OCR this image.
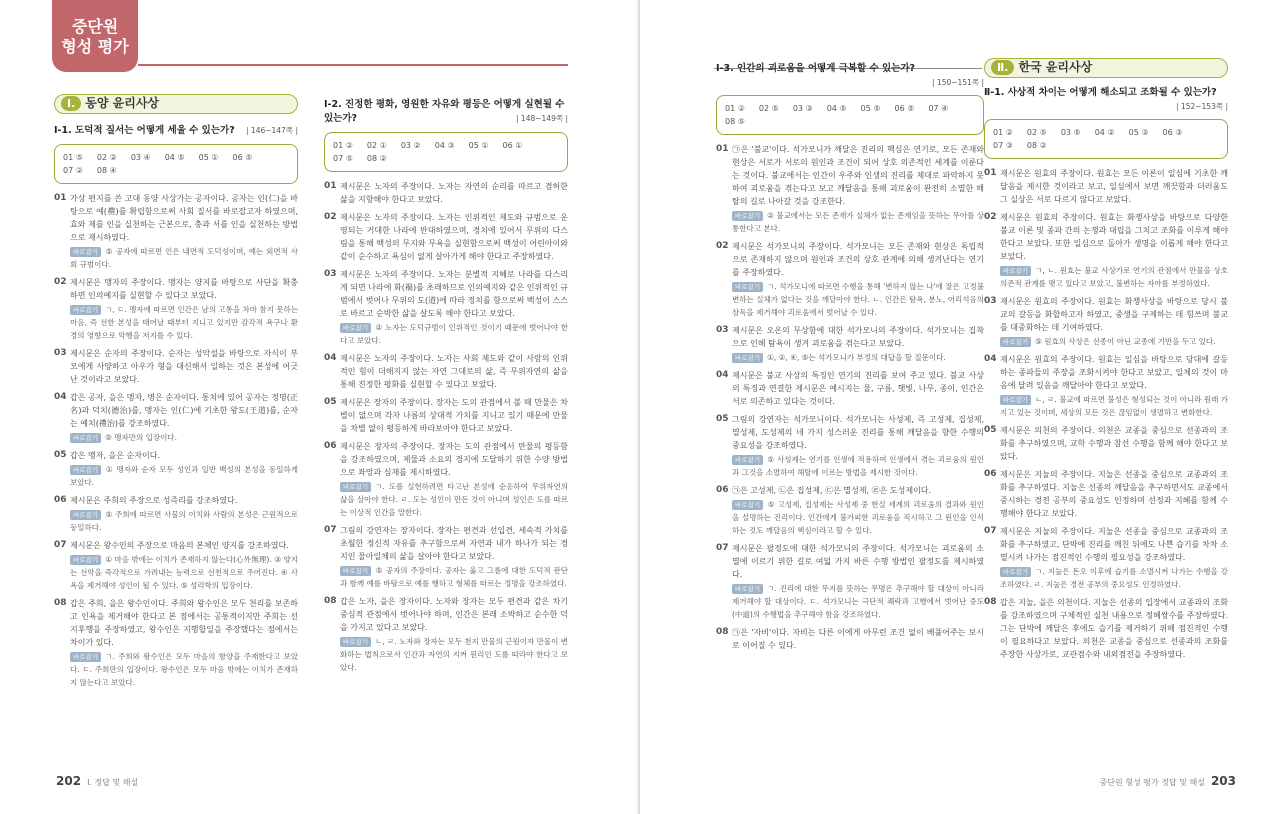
중단원
형성 평가
Ⅰ. 동양 윤리사상
Ⅰ-1. 도덕적 질서는 어떻게 세울 수 있는가? | 146~147쪽 |
01 ⑤ 02 ② 03 ④ 04 ⑤ 05 ① 06 ⑤07 ② 08 ④
01 가상 편지를 쓴 고대 동양 사상가는 공자이다. 공자는 인(仁)을 바탕으로 예(禮)를 확립함으로써 사회 질서를 바로잡고자 하였으며, 효와 제를 인을 실천하는 근본으로, 충과 서를 인을 실천하는 방법으로 제시하였다.
바로잡기 ⑤ 공자에 따르면 인은 내면적 도덕성이며, 예는 외면적 사회 규범이다.
02 제시문은 맹자의 주장이다. 맹자는 양지를 바탕으로 사단을 확충하면 인의예지를 실현할 수 있다고 보았다.
바로잡기 ㄱ, ㄷ. 맹자에 따르면 인간은 남의 고통을 차마 참지 못하는 마음, 즉 선한 본성을 태어날 때부터 지니고 있지만 감각적 욕구나 환경의 영향으로 악행을 저지를 수 있다.
03 제시문은 순자의 주장이다. 순자는 성악설을 바탕으로 자식이 부모에게 사양하고 아우가 형을 대신해서 일하는 것은 본성에 어긋난 것이라고 보았다.
04 갑은 공자, 을은 맹자, 병은 순자이다. 통치에 있어 공자는 정명(正名)과 덕치(德治)를, 맹자는 인(仁)에 기초한 왕도(王道)를, 순자는 예치(禮治)를 강조하였다.
바로잡기 ⑤ 맹자만의 입장이다.
05 갑은 맹자, 을은 순자이다.
바로잡기 ① 맹자와 순자 모두 성인과 일반 백성의 본성을 동일하게 보았다.
06 제시문은 주희의 주장으로 성즉리를 강조하였다.
바로잡기 ⑤ 주희에 따르면 사물의 이치와 사람의 본성은 근원적으로 동일하다.
07 제시문은 왕수인의 주장으로 마음의 본체인 양지를 강조하였다.
바로잡기 ① 마음 밖에는 이치가 존재하지 않는다(心外無理). ③ 양지는 선악을 즉각적으로 가려내는 능력으로 선천적으로 주어진다. ④ 사욕을 제거해야 성인이 될 수 있다. ⑤ 성리학의 입장이다.
08 갑은 주희, 을은 왕수인이다. 주희와 왕수인은 모두 천리를 보존하고 인욕을 제거해야 한다고 본 점에서는 공통적이지만 주희는 선지후행을 주장하였고, 왕수인은 지행합일을 주장했다는 점에서는 차이가 있다.
바로잡기 ㄱ. 주희와 왕수인은 모두 마음의 함양을 주재한다고 보았다. ㄷ. 주희만의 입장이다. 왕수인은 모두 마음 밖에는 이치가 존재하지 않는다고 보았다.
Ⅰ-2. 진정한 평화, 영원한 자유와 평등은 어떻게 실현될 수 있는가?	| 148~149쪽 |
01 ② 02 ① 03 ② 04 ③ 05 ① 06 ①07 ⑤ 08 ②
01 제시문은 노자의 주장이다. 노자는 자연의 순리를 따르고 겸허한 삶을 지향해야 한다고 보았다.
02 제시문은 노자의 주장이다. 노자는 인위적인 제도와 규범으로 운영되는 거대한 나라에 반대하였으며, 경치에 있어서 무위의 다스림을 통해 백성의 무지와 무욕을 실현함으로써 백성이 어린아이와 같이 순수하고 욕심이 없게 살아가게 해야 한다고 주장하였다.
03 제시문은 노자의 주장이다. 노자는 분별적 지혜로 나라를 다스리게 되면 나라에 화(禍)를 초래하므로 인의예지와 같은 인위적인 규범에서 벗어나 무위의 도(道)에 따라 정치를 함으로써 백성이 스스로 바르고 순박한 삶을 살도록 해야 한다고 보았다.
바로잡기 ② 노자는 도덕규범이 인위적인 것이기 때문에 벗어나야 한다고 보았다.
04 제시문은 노자의 주장이다. 노자는 사회 제도와 같이 사람의 인위적인 힘이 더해지지 않는 자연 그대로의 삶, 즉 무위자연의 삶을 통해 진정한 평화를 실현할 수 있다고 보았다.
05 제시문은 장자의 주장이다. 장자는 도의 관점에서 볼 때 만물은 차별이 없으며 각자 나름의 상대적 가치를 지니고 있기 때문에 만물을 차별 없이 평등하게 바라보아야 한다고 보았다.
06 제시문은 장자의 주장이다. 장자는 도의 관점에서 만물의 평등함을 강조하였으며, 제물과 소요의 경지에 도달하기 위한 수양 방법으로 좌망과 심재를 제시하였다.
바로잡기 ㄱ. 도를 실현하려면 타고난 본성에 순응하여 무위자연의 삶을 살아야 한다. ㄹ. 도는 성인이 만든 것이 아니며 성인은 도를 따르는 이상적 인간을 말한다.
07 그림의 강연자는 장자이다. 장자는 편견과 선입견, 세속적 가치를 초월한 정신적 자유를 추구함으로써 자연과 내가 하나가 되는 경지인 물아일체의 삶을 살아야 한다고 보았다.
바로잡기 ⑤ 공자의 주장이다. 공자는 옳고 그름에 대한 도덕적 판단과 함께 예를 바탕으로 예를 행하고 형체를 따르는 정명을 강조하였다.
08 갑은 노자, 을은 장자이다. 노자와 장자는 모두 편견과 같은 차기 중심적 관점에서 벗어나야 하며, 인간은 본래 소박하고 순수한 덕을 가지고 있다고 보았다.
바로잡기 ㄴ, ㄹ. 노자와 장자는 모두 천지 만물의 근원이자 만물이 변화하는 법칙으로서 인간과 자연의 지켜 원리인 도를 따라야 한다고 보았다.
202 I. 정답 및 해설
Ⅰ-3. 인간의 괴로움을 어떻게 극복할 수 있는가?
| 150~151쪽 |
01 ② 02 ⑤ 03 ③ 04 ⑤ 05 ⑤ 06 ⑤ 07 ④08 ⑤
01 ㉠은 '불교'이다. 석가모니가 깨달은 진리의 핵심은 연기로, 모든 존재와 현상은 서로가 서로의 원인과 조건이 되어 상호 의존적인 세계를 이룬다는 것이다. 불교에서는 인간이 우주와 인생의 진리를 제대로 파악하지 못하여 괴로움을 겪는다고 보고 깨달음을 통해 괴로움이 완전히 소멸한 해탈의 길로 나아갈 것을 강조한다.
바로잡기 ② 불교에서는 모든 존재가 실체가 없는 존재임을 뜻하는 무아를 상통한다고 본다.
02 제시문은 석가모니의 주장이다. 석가모니는 모든 존재와 현상은 독립적으로 존재하지 않으며 원인과 조건의 상호 관계에 의해 생겨난다는 연기를 주장하였다.
바로잡기 ㄱ. 석가모니에 따르면 수행을 통해 '변하지 않는 나'에 잘은 고정불변하는 실체가 없다는 것을 깨달아야 한다. ㄴ. 인간은 탐욕, 분노, 어리석음의 삼독을 제거해야 괴로움에서 벗어날 수 있다.
03 제시문은 오온의 무상함에 대한 석가모니의 주장이다. 석가모니는 집착으로 인해 탐욕이 생겨 괴로움을 겪는다고 보았다.
바로잡기 ①, ②, ④, ⑤는 석가모니가 부정의 대답을 할 질문이다.
04 제시문은 불교 사상의 특징인 연기의 진리를 보여 주고 있다. 불교 사상의 특징과 연결한 제시문은 예시지는 물, 구름, 햇빛, 나무, 종이, 인간은 서로 의존하고 있다는 것이다.
05 그림의 강연자는 석가모니이다. 석가모니는 사성제, 즉 고성제, 집성제, 멸성제, 도성제의 네 가지 성스러운 진리를 통해 깨달음을 향한 수행의 중요성을 강조하였다.
바로잡기 ⑤ 사성제는 연기를 인생에 적용하여 인생에서 겪는 괴로움의 원인과 그것을 소멸하여 해탈에 이르는 방법을 제시한 것이다.
06 ㉠은 고성제, ㉡은 집성제, ㉢은 멸성제, ㉣은 도성제이다.
바로잡기 ⑤ 고성제, 집성제는 사성제 중 현실 세계의 괴로움의 결과와 원인을 설명하는 진리이다. 인간에게 불가피한 괴로움을 직시하고 그 원인을 인식하는 것도 깨달음의 핵심이라고 할 수 있다.
07 제시문은 팔정도에 대한 석가모니의 주장이다. 석가모니는 괴로움의 소멸에 이르기 위한 길로 여덟 가지 바른 수행 방법인 팔정도를 제시하였다.
바로잡기 ㄱ. 진리에 대한 무지를 뜻하는 무명은 추구해야 할 대상이 아니라 제거해야 할 대상이다. ㄷ. 석가모니는 극단적 쾌락과 고행에서 벗어난 중도(中道)의 수행법을 추구해야 함을 강조하였다.
08 ㉠은 '자비'이다. 자비는 다른 이에게 아무런 조건 없이 베풀어주는 보시로 이어질 수 있다.
Ⅱ. 한국 윤리사상
Ⅱ-1. 사상적 차이는 어떻게 해소되고 조화될 수 있는가?
| 152~153쪽 |
01 ② 02 ⑤ 03 ⑤ 04 ② 05 ③ 06 ③07 ③ 08 ②
01 제시문은 원효의 주장이다. 원효는 모든 이론이 일심에 기초한 깨달음을 제시한 것이라고 보고, 일심에서 보면 깨끗함과 더러움도 그 실상은 서로 다르지 않다고 보았다.
02 제시문은 원효의 주장이다. 원효는 화쟁사상을 바탕으로 다양한 불교 이론 및 종파 간의 논쟁과 대립을 그치고 조화를 이루게 해야 한다고 보았다. 또한 일심으로 돌아가 생명을 이롭게 해야 한다고 보았다.
바로잡기 ㄱ, ㄴ. 원효는 불교 사상가로 연기의 관점에서 만물을 상호 의존적 관계를 맺고 있다고 보았고, 불변하는 자아를 부정하였다.
03 제시문은 원효의 주장이다. 원효는 화쟁사상을 바탕으로 당시 불교의 갈등을 화합하고자 하였고, 중생을 구제하는 데 힘쓰며 불교를 대중화하는 데 기여하였다.
바로잡기 ⑤ 원효의 사상은 선종이 아닌 교종에 기반을 두고 있다.
04 제시문은 원효의 주장이다. 원효는 일심을 바탕으로 당대에 갈등하는 종파들의 주장을 조화시켜야 한다고 보았고, 일체의 것이 마음에 달려 있음을 깨달아야 한다고 보았다.
바로잡기 ㄴ, ㄹ. 불교에 따르면 불성은 형성되는 것이 아니라 원래 가지고 있는 것이며, 세상의 모든 것은 끊임없이 생멸하고 변화한다.
05 제시문은 의천의 주장이다. 의천은 교종을 중심으로 선종과의 조화를 추구하였으며, 교학 수행과 참선 수행을 함께 해야 한다고 보았다.
06 제시문은 지눌의 주장이다. 지눌은 선종을 중심으로 교종과의 조화를 추구하였다. 지눌은 선종의 깨달음을 추구하면서도 교종에서 중시하는 경전 공부의 중요성도 인정하며 선정과 지혜를 함께 수행해야 한다고 보았다.
07 제시문은 지눌의 주장이다. 지눌은 선종을 중심으로 교종과의 조화를 추구하였고, 단박에 진리를 깨친 뒤에도 나쁜 습기를 차차 소멸시켜 나가는 점진적인 수행의 필요성을 강조하였다.
바로잡기 ㄱ. 지눌은 돈오 이후에 습기를 소멸시켜 나가는 수행을 강조하였다. ㄹ. 지눌은 경전 공부의 중요성도 인정하였다.
08 갑은 지눌, 을은 의천이다. 지눌은 선종의 입장에서 교종과의 조화를 강조하였으며 구체적인 실천 내용으로 정혜쌍수를 주장하였다. 그는 단박에 깨달은 후에도 습기를 제거하기 위해 점진적인 수행이 필요하다고 보았다. 의천은 교종을 중심으로 선종과의 조화를 주장한 사상가로, 교관겸수와 내외겸전을 주장하였다.
중단원 형성 평가 정답 및 해설 203
